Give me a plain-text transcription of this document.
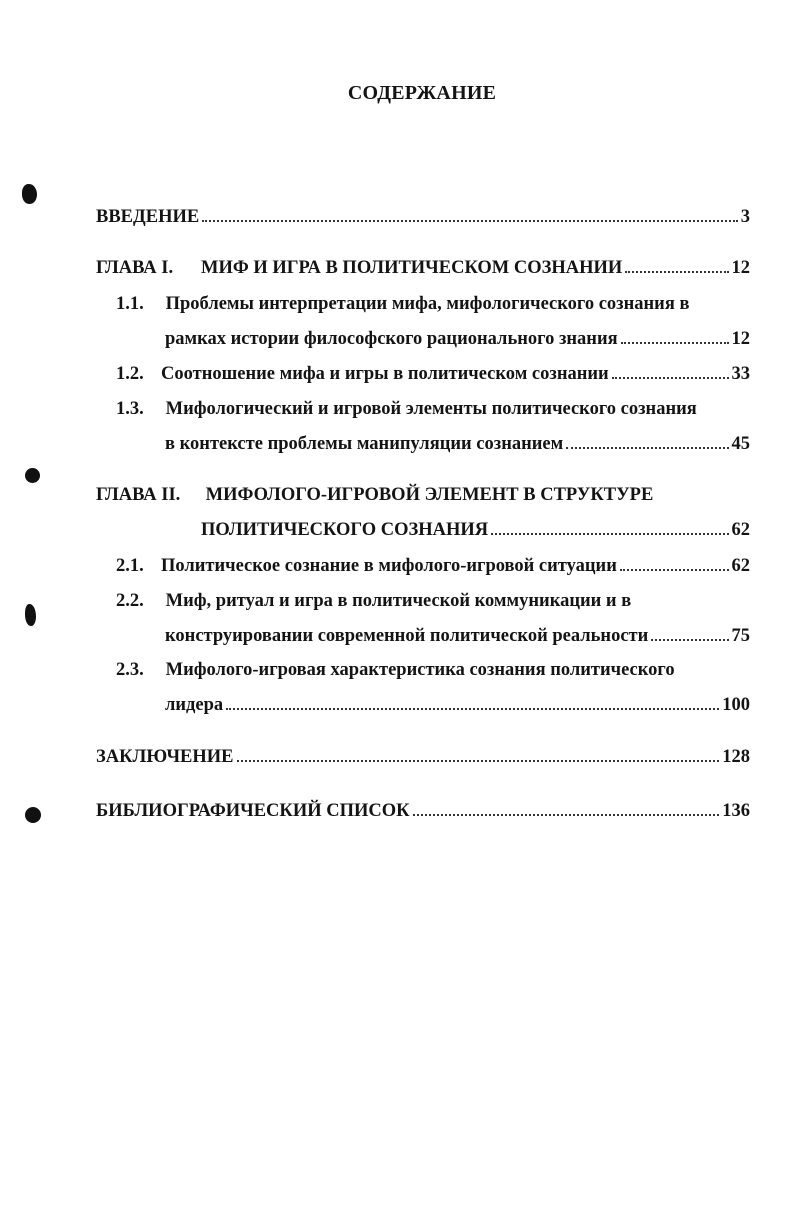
СОДЕРЖАНИЕ
ВВЕДЕНИЕ	3
ГЛАВА I.	МИФ И ИГРА В ПОЛИТИЧЕСКОМ СОЗНАНИИ	12
1.1. Проблемы интерпретации мифа, мифологического сознания в
рамках истории философского рационального знания	12
1.2. Соотношение мифа и игры в политическом сознании	33
1.3. Мифологический и игровой элементы политического сознания
в контексте проблемы манипуляции сознанием	45
ГЛАВА II. МИФОЛОГО-ИГРОВОЙ ЭЛЕМЕНТ В СТРУКТУРЕ
ПОЛИТИЧЕСКОГО СОЗНАНИЯ	62
2.1. Политическое сознание в мифолого-игровой ситуации	62
2.2. Миф, ритуал и игра в политической коммуникации и в
конструировании современной политической реальности	75
2.3. Мифолого-игровая характеристика сознания политического
лидера	100
ЗАКЛЮЧЕНИЕ	128
БИБЛИОГРАФИЧЕСКИЙ СПИСОК	136
